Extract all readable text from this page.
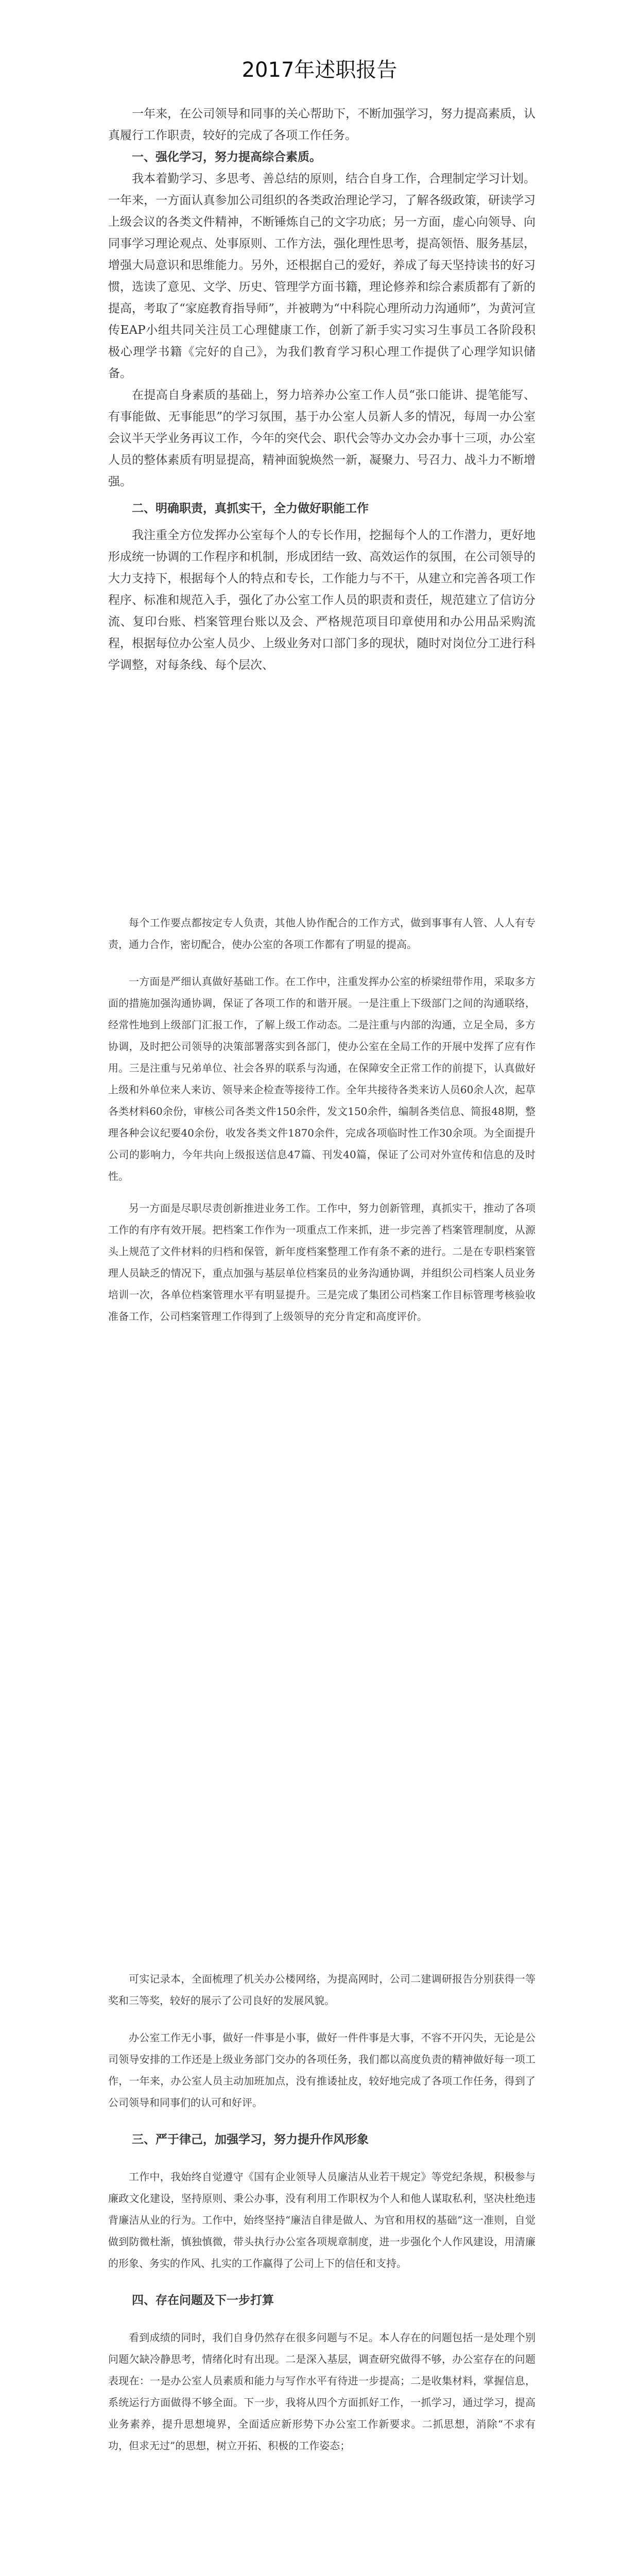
2017年述职报告

一年来，在公司领导和同事的关心帮助下，不断加强学习，努力提高素质，认真履行工作职责，较好的完成了各项工作任务。

一、强化学习，努力提高综合素质。

我本着勤学习、多思考、善总结的原则，结合自身工作，合理制定学习计划。一年来，一方面认真参加公司组织的各类政治理论学习，了解各级政策，研读学习上级会议的各类文件精神，不断锤炼自己的文字功底；另一方面，虚心向领导、向同事学习理论观点、处事原则、工作方法，强化理性思考，提高领悟、服务基层，增强大局意识和思维能力。另外，还根据自己的爱好，养成了每天坚持读书的好习惯，选读了意见、文学、历史、管理学方面书籍，理论修养和综合素质都有了新的提高，考取了“家庭教育指导师”，并被聘为“中科院心理所动力沟通师”，为黄河宣传EAP小组共同关注员工心理健康工作，创新了新手实习实习生事员工各阶段积极心理学书籍《完好的自己》，为我们教育学习积心理工作提供了心理学知识储备。

在提高自身素质的基础上，努力培养办公室工作人员“张口能讲、提笔能写、有事能做、无事能思”的学习氛围，基于办公室人员新人多的情况，每周一办公室会议半天学业务再议工作，今年的突代会、职代会等办文办会办事十三项，办公室人员的整体素质有明显提高，精神面貌焕然一新，凝聚力、号召力、战斗力不断增强。

二、明确职责，真抓实干，全力做好职能工作

我注重全方位发挥办公室每个人的专长作用，挖掘每个人的工作潜力，更好地形成统一协调的工作程序和机制，形成团结一致、高效运作的氛围，在公司领导的大力支持下，根据每个人的特点和专长，工作能力与不干，从建立和完善各项工作程序、标准和规范入手，强化了办公室工作人员的职责和责任，规范建立了信访分流、复印台账、档案管理台账以及会、严格规范项目印章使用和办公用品采购流程，根据每位办公室人员少、上级业务对口部门多的现状，随时对岗位分工进行科学调整，对每条线、每个层次、

每个工作要点都按定专人负责，其他人协作配合的工作方式，做到事事有人管、人人有专责，通力合作，密切配合，使办公室的各项工作都有了明显的提高。

一方面是严细认真做好基础工作。在工作中，注重发挥办公室的桥梁纽带作用，采取多方面的措施加强沟通协调，保证了各项工作的和谐开展。一是注重上下级部门之间的沟通联络，经常性地到上级部门汇报工作，了解上级工作动态。二是注重与内部的沟通，立足全局，多方协调，及时把公司领导的决策部署落实到各部门，使办公室在全局工作的开展中发挥了应有作用。三是注重与兄弟单位、社会各界的联系与沟通，在保障安全正常工作的前提下，认真做好上级和外单位来人来访、领导来企检查等接待工作。全年共接待各类来访人员60余人次，起草各类材料60余份，审核公司各类文件150余件，发文150余件，编制各类信息、简报48期，整理各种会议纪要40余份，收发各类文件1870余件，完成各项临时性工作30余项。为全面提升公司的影响力，今年共向上级报送信息47篇、刊发40篇，保证了公司对外宣传和信息的及时性。

另一方面是尽职尽责创新推进业务工作。工作中，努力创新管理，真抓实干，推动了各项工作的有序有效开展。把档案工作作为一项重点工作来抓，进一步完善了档案管理制度，从源头上规范了文件材料的归档和保管，新年度档案整理工作有条不紊的进行。二是在专职档案管理人员缺乏的情况下，重点加强与基层单位档案员的业务沟通协调，并组织公司档案人员业务培训一次，各单位档案管理水平有明显提升。三是完成了集团公司档案工作目标管理考核验收准备工作，公司档案管理工作得到了上级领导的充分肯定和高度评价。

可实记录本，全面梳理了机关办公楼网络，为提高网时，公司二建调研报告分别获得一等奖和三等奖，较好的展示了公司良好的发展风貌。

办公室工作无小事，做好一件事是小事，做好一件件事是大事，不容不开闪失，无论是公司领导安排的工作还是上级业务部门交办的各项任务，我们都以高度负责的精神做好每一项工作，一年来，办公室人员主动加班加点，没有推诿扯皮，较好地完成了各项工作任务，得到了公司领导和同事们的认可和好评。

三、严于律己，加强学习，努力提升作风形象

工作中，我始终自觉遵守《国有企业领导人员廉洁从业若干规定》等党纪条规，积极参与廉政文化建设，坚持原则、秉公办事，没有利用工作职权为个人和他人谋取私利，坚决杜绝违背廉洁从业的行为。工作中，始终坚持“廉洁自律是做人、为官和用权的基础”这一准则，自觉做到防微杜渐，慎独慎微，带头执行办公室各项规章制度，进一步强化个人作风建设，用清廉的形象、务实的作风、扎实的工作赢得了公司上下的信任和支持。

四、存在问题及下一步打算

看到成绩的同时，我们自身仍然存在很多问题与不足。本人存在的问题包括一是处理个别问题欠缺冷静思考，情绪化时有出现。二是深入基层，调查研究做得不够，办公室存在的问题表现在：一是办公室人员素质和能力与写作水平有待进一步提高；二是收集材料，掌握信息，系统运行方面做得不够全面。下一步，我将从四个方面抓好工作，一抓学习，通过学习，提高业务素养，提升思想境界，全面适应新形势下办公室工作新要求。二抓思想，消除“不求有功，但求无过”的思想，树立开拓、积极的工作姿态；
